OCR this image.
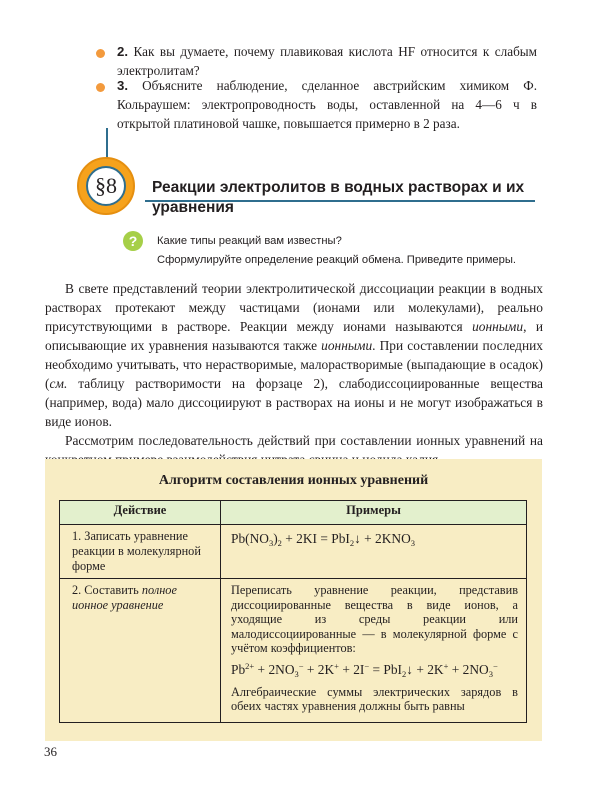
2. Как вы думаете, почему плавиковая кислота HF относится к слабым электролитам?
3. Объясните наблюдение, сделанное австрийским химиком Ф. Кольраушем: электропроводность воды, оставленной на 4—6 ч в открытой платиновой чашке, повышается примерно в 2 раза.
§8	Реакции электролитов в водных растворах и их уравнения
?	Какие типы реакций вам известны?
Сформулируйте определение реакций обмена. Приведите примеры.

В свете представлений теории электролитической диссоциации реакции в водных растворах протекают между частицами (ионами или молекулами), реально присутствующими в растворе. Реакции между ионами называются ионными, и описывающие их уравнения называются также ионными. При составлении последних необходимо учитывать, что нерастворимые, малорастворимые (выпадающие в осадок) (см. таблицу растворимости на форзаце 2), слабодиссоциированные вещества (например, вода) мало диссоциируют в растворах на ионы и не могут изображаться в виде ионов.

Рассмотрим последовательность действий при составлении ионных уравнений на

Алгоритм составления ионных уравнений
Действие	Примеры
1. Записать уравнение реакции в молекулярной форме	$Pb(NO_3)_2 + 2KI$ = PbI$_2$↓ + $2KNO_3$

2. Составить полное ионное уравнение	Переписать уравнение реакции, представив диссоциированные вещества в виде ионов, а уходящие из среды реакции или малодиссоциированные — в молекулярной форме с учётом коэффициентов:
$Pb^{2+} + 2NO_3^- + 2K^+ + 2I^-$ = PbI$_2$↓ + $2K^+ + 2NO_3^-$
Алгебраические суммы электрических зарядов в обеих частях уравнения должны быть равны
36
